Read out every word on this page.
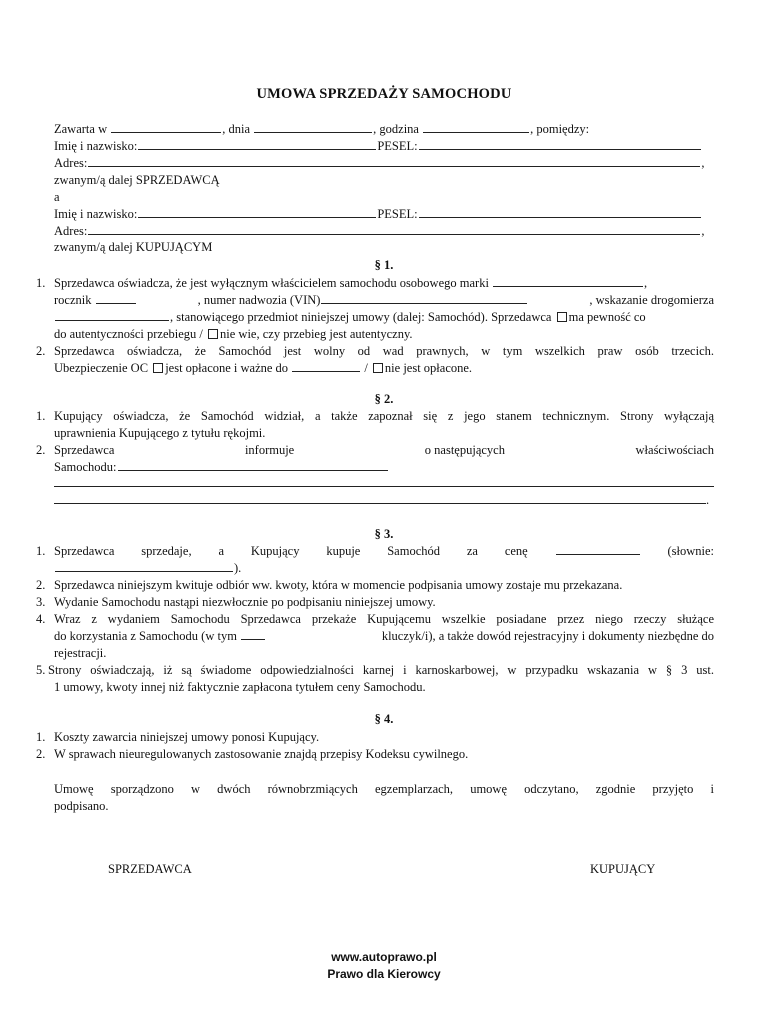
UMOWA SPRZEDAŻY SAMOCHODU
Zawarta w	, dnia	, godzina	, pomiędzy:
Imię i nazwisko:	PESEL:
Adres:	,
zwanym/ą dalej SPRZEDAWCĄ
a
Imię i nazwisko:	PESEL:
Adres:	,
zwanym/ą dalej KUPUJĄCYM
§ 1.
1. Sprzedawca oświadcza, że jest wyłącznym właścicielem samochodu osobowego marki	,
rocznik	, numer nadwozia (VIN)	, wskazanie drogomierza
, stanowiącego przedmiot niniejszej umowy (dalej: Samochód). Sprzedawca ma pewność co
do autentyczności przebiegu / nie wie, czy przebieg jest autentyczny.
2. Sprzedawca oświadcza, że Samochód jest wolny od wad prawnych, w tym wszelkich praw osób trzecich.
Ubezpieczenie OC jest opłacone i ważne do	/ nie jest opłacone.
§ 2.
1. Kupujący oświadcza, że Samochód widział, a także zapoznał się z jego stanem technicznym. Strony wyłączają
uprawnienia Kupującego z tytułu rękojmi.
2. Sprzedawca	informuje	o następujących	właściwościach
Samochodu:
.
§ 3.
1. Sprzedawca sprzedaje, a Kupujący kupuje Samochód za cenę	(słownie:
).
2. Sprzedawca niniejszym kwituje odbiór ww. kwoty, która w momencie podpisania umowy zostaje mu przekazana.
3. Wydanie Samochodu nastąpi niezwłocznie po podpisaniu niniejszej umowy.
4. Wraz z wydaniem Samochodu Sprzedawca przekaże Kupującemu wszelkie posiadane przez niego rzeczy służące
do korzystania z Samochodu (w tym	kluczyk/i), a także dowód rejestracyjny i dokumenty niezbędne do
rejestracji.
5. Strony oświadczają, iż są świadome odpowiedzialności karnej i karnoskarbowej, w przypadku wskazania w § 3 ust.
1 umowy, kwoty innej niż faktycznie zapłacona tytułem ceny Samochodu.
§ 4.
1. Koszty zawarcia niniejszej umowy ponosi Kupujący.
2. W sprawach nieuregulowanych zastosowanie znajdą przepisy Kodeksu cywilnego.
Umowę sporządzono w dwóch równobrzmiących egzemplarzach, umowę odczytano, zgodnie przyjęto i
podpisano.
SPRZEDAWCA	KUPUJĄCY
www.autoprawo.pl
Prawo dla Kierowcy
